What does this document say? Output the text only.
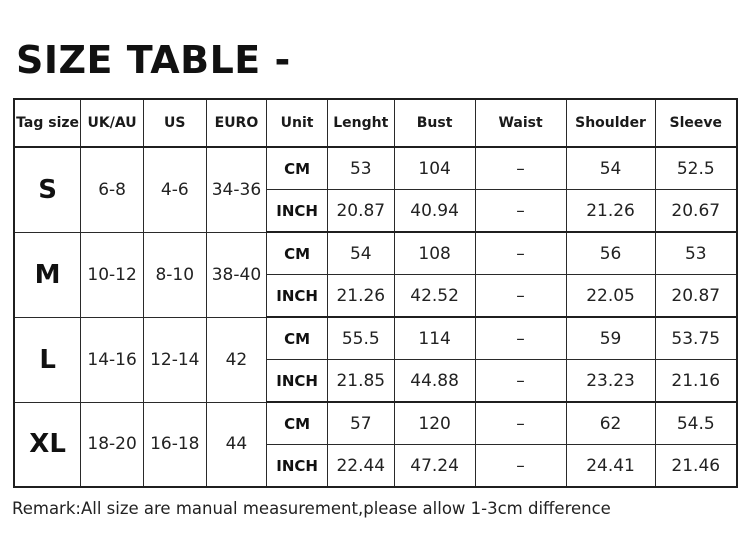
SIZE TABLE -
Tag size	UK/AU	US	EURO	Unit	Lenght	Bust	Waist	Shoulder	Sleeve
S	6-8	4-6	34-36	CM	53	104	–	54	52.5
				INCH	20.87	40.94	–	21.26	20.67
M	10-12	8-10	38-40	CM	54	108	–	56	53
				INCH	21.26	42.52	–	22.05	20.87
L	14-16	12-14	42	CM	55.5	114	–	59	53.75
				INCH	21.85	44.88	–	23.23	21.16
XL	18-20	16-18	44	CM	57	120	–	62	54.5
				INCH	22.44	47.24	–	24.41	21.46
Remark:All size are manual measurement,please allow 1-3cm difference
